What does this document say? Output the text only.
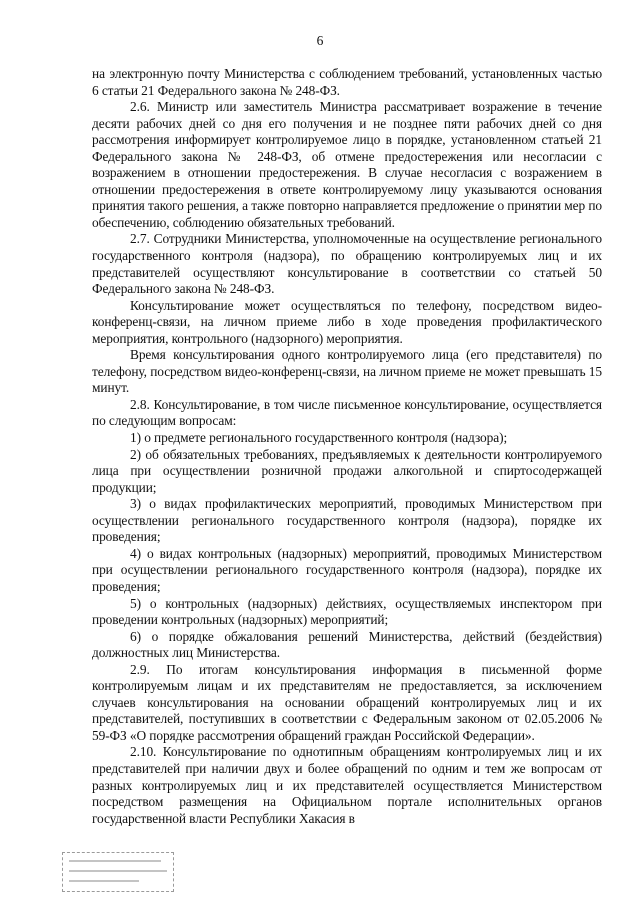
6

на электронную почту Министерства с соблюдением требований, установленных частью 6 статьи 21 Федерального закона № 248-ФЗ.

2.6. Министр или заместитель Министра рассматривает возражение в течение десяти рабочих дней со дня его получения и не позднее пяти рабочих дней со дня рассмотрения информирует контролируемое лицо в порядке, установленном статьей 21 Федерального закона № 248-ФЗ, об отмене предостережения или несогласии с возражением в отношении предостережения. В случае несогласия с возражением в отношении предостережения в ответе контролируемому лицу указываются основания принятия такого решения, а также повторно направляется предложение о принятии мер по обеспечению, соблюдению обязательных требований.

2.7. Сотрудники Министерства, уполномоченные на осуществление регионального государственного контроля (надзора), по обращению контролируемых лиц и их представителей осуществляют консультирование в соответствии со статьей 50 Федерального закона № 248-ФЗ.

Консультирование может осуществляться по телефону, посредством видео-конференц-связи, на личном приеме либо в ходе проведения профилактического мероприятия, контрольного (надзорного) мероприятия.

Время консультирования одного контролируемого лица (его представителя) по телефону, посредством видео-конференц-связи, на личном приеме не может превышать 15 минут.

2.8. Консультирование, в том числе письменное консультирование, осуществляется по следующим вопросам:

1) о предмете регионального государственного контроля (надзора);

2) об обязательных требованиях, предъявляемых к деятельности контролируемого лица при осуществлении розничной продажи алкогольной и спиртосодержащей продукции;

3) о видах профилактических мероприятий, проводимых Министерством при осуществлении регионального государственного контроля (надзора), порядке их проведения;

4) о видах контрольных (надзорных) мероприятий, проводимых Министерством при осуществлении регионального государственного контроля (надзора), порядке их проведения;

5) о контрольных (надзорных) действиях, осуществляемых инспектором при проведении контрольных (надзорных) мероприятий;

6) о порядке обжалования решений Министерства, действий (бездействия) должностных лиц Министерства.

2.9. По итогам консультирования информация в письменной форме контролируемым лицам и их представителям не предоставляется, за исключением случаев консультирования на основании обращений контролируемых лиц и их представителей, поступивших в соответствии с Федеральным законом от 02.05.2006 № 59-ФЗ «О порядке рассмотрения обращений граждан Российской Федерации».

2.10. Консультирование по однотипным обращениям контролируемых лиц и их представителей при наличии двух и более обращений по одним и тем же вопросам от разных контролируемых лиц и их представителей осуществляется Министерством посредством размещения на Официальном портале исполнительных органов государственной власти Республики Хакасия в
